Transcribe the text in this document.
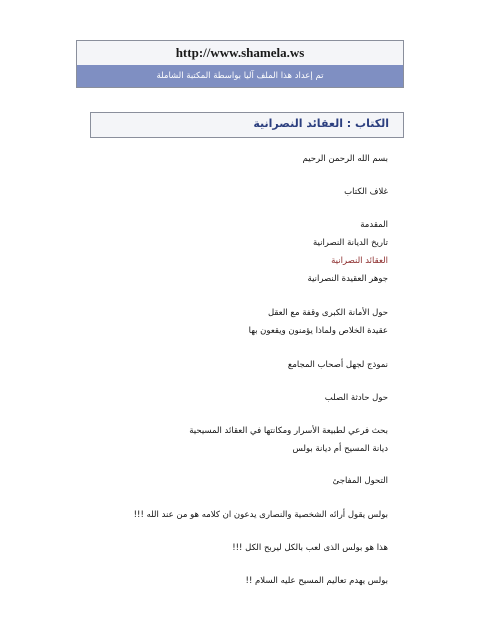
http://www.shamela.ws
تم إعداد هذا الملف آليا بواسطة المكتبة الشاملة
الكتاب : العقائد النصرانية
بسم الله الرحمن الرحيم
غلاف الكتاب
المقدمة
تاريخ الديانة النصرانية
العقائد النصرانية
جوهر العقيدة النصرانية
حول الأمانة الكبرى وقفة مع العقل
عقيدة الخلاص ولماذا يؤمنون ويقعون بها
نموذج لجهل أصحاب المجامع
حول حادثة الصلب
بحث فرعي لطبيعة الأسرار ومكانتها في العقائد المسيحية
ديانة المسيح أم ديانة بولس
التحول المفاجئ
بولس يقول أرائه الشخصية والنصارى يدعون ان كلامه هو من عند الله !!!
هذا هو بولس الذى لعب بالكل ليربح الكل !!!
بولس يهدم تعاليم المسيح عليه السلام !!
